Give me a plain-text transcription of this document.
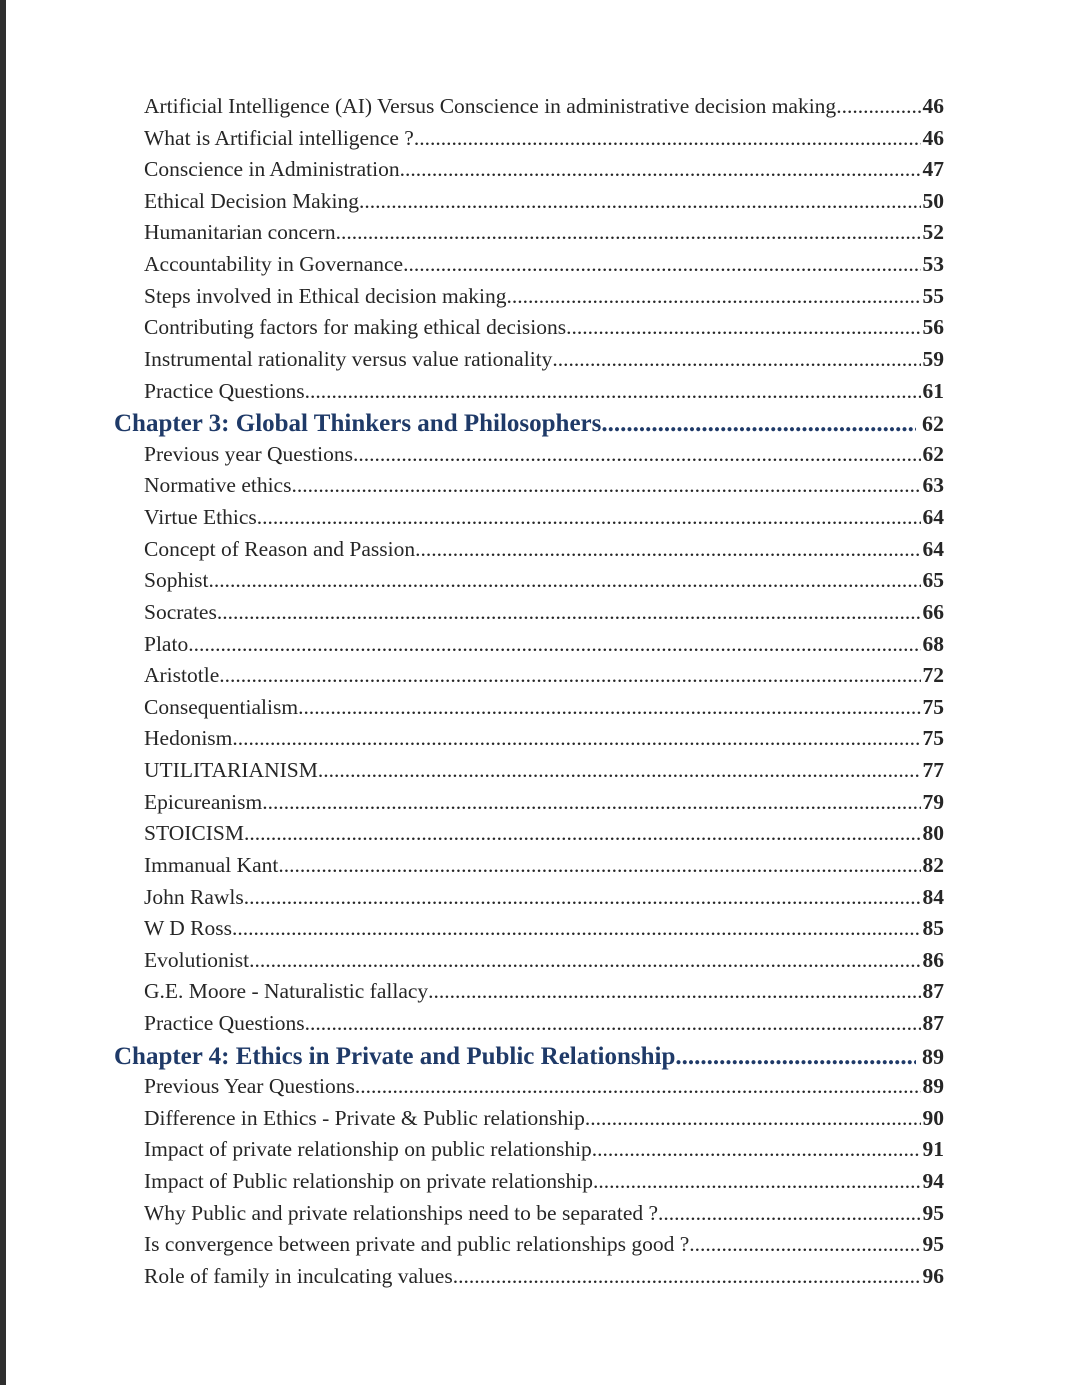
Artificial Intelligence (AI) Versus Conscience in administrative decision making .....	46
What is Artificial intelligence ? .....	46
Conscience in Administration .....	47
Ethical Decision Making .....	50
Humanitarian concern .....	52
Accountability in Governance .....	53
Steps involved in Ethical decision making .....	55
Contributing factors for making ethical decisions .....	56
Instrumental rationality versus value rationality .....	59
Practice Questions .....	61
Chapter 3: Global Thinkers and Philosophers .....	62
Previous year Questions .....	62
Normative ethics .....	63
Virtue Ethics .....	64
Concept of Reason and Passion .....	64
Sophist .....	65
Socrates .....	66
Plato .....	68
Aristotle .....	72
Consequentialism .....	75
Hedonism .....	75
UTILITARIANISM .....	77
Epicureanism .....	79
STOICISM .....	80
Immanual Kant .....	82
John Rawls .....	84
W D Ross .....	85
Evolutionist .....	86
G.E. Moore - Naturalistic fallacy .....	87
Practice Questions .....	87
Chapter 4: Ethics in Private and Public Relationship .....	89
Previous Year Questions .....	89
Difference in Ethics - Private & Public relationship .....	90
Impact of private relationship on public relationship .....	91
Impact of Public relationship on private relationship .....	94
Why Public and private relationships need to be separated ? .....	95
Is convergence between private and public relationships good ? .....	95
Role of family in inculcating values .....	96
